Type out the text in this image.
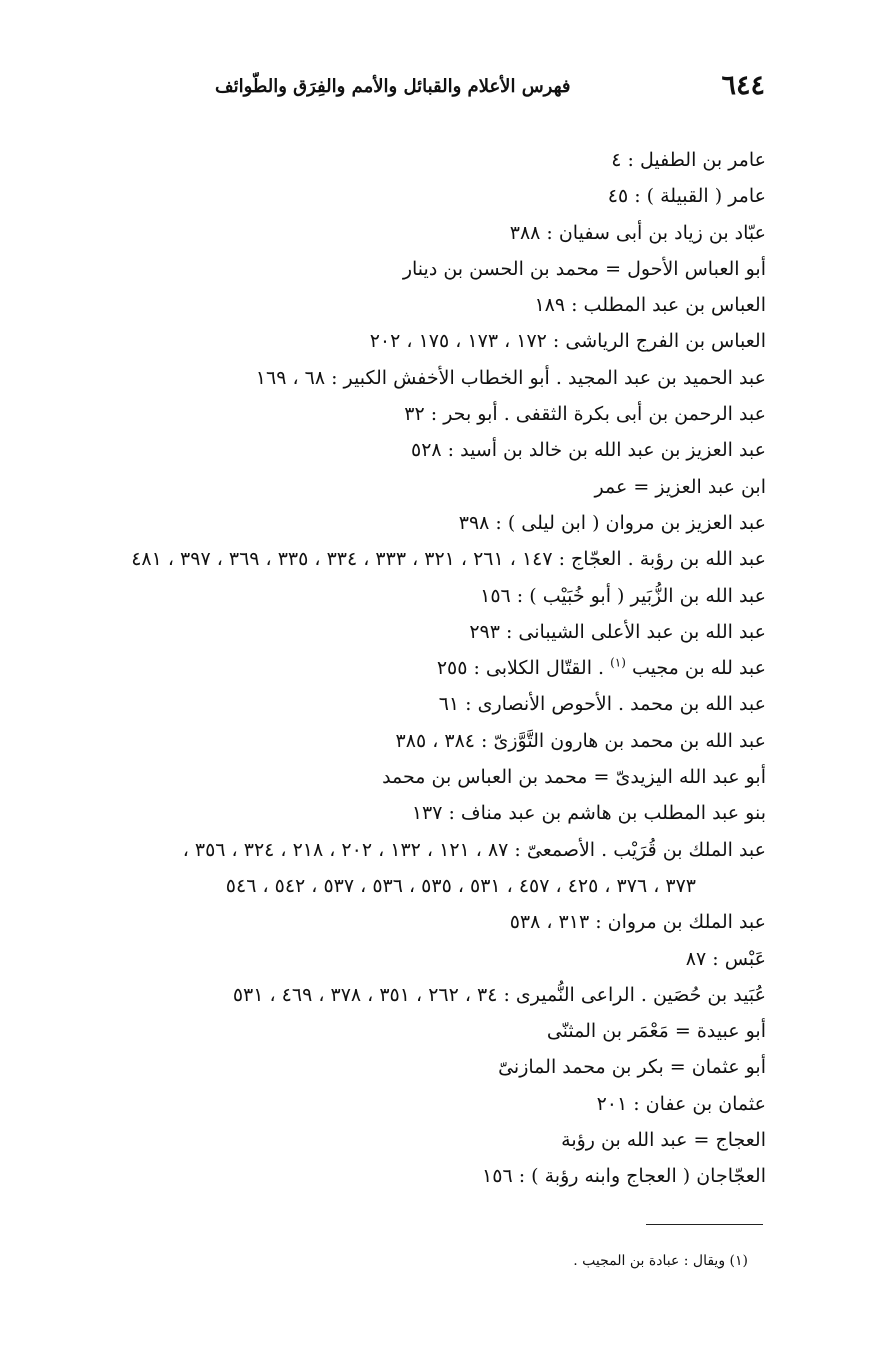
٦٤٤
فهرس الأعلام والقبائل والأمم والفِرَق والطّوائف
عامر بن الطفيل : ٤
عامر ( القبيلة ) : ٤٥
عبّاد بن زياد بن أبى سفيان : ٣٨٨
أبو العباس الأحول = محمد بن الحسن بن دينار
العباس بن عبد المطلب : ١٨٩
العباس بن الفرج الرياشى : ١٧٢ ، ١٧٣ ، ١٧٥ ، ٢٠٢
عبد الحميد بن عبد المجيد . أبو الخطاب الأخفش الكبير : ٦٨ ، ١٦٩
عبد الرحمن بن أبى بكرة الثقفى . أبو بحر : ٣٢
عبد العزيز بن عبد الله بن خالد بن أسيد : ٥٢٨
ابن عبد العزيز = عمر
عبد العزيز بن مروان ( ابن ليلى ) : ٣٩٨
عبد الله بن رؤبة . العجّاج : ١٤٧ ، ٢٦١ ، ٣٢١ ، ٣٣٣ ، ٣٣٤ ، ٣٣٥ ، ٣٦٩ ، ٣٩٧ ، ٤٨١
عبد الله بن الزُّبَير ( أبو خُبَيْب ) : ١٥٦
عبد الله بن عبد الأعلى الشيبانى : ٢٩٣
عبد لله بن مجيب $^{(١)}$ . القتّال الكلابى : ٢٥٥
عبد الله بن محمد . الأحوص الأنصارى : ٦١
عبد الله بن محمد بن هارون التَّوَّزىّ : ٣٨٤ ، ٣٨٥
أبو عبد الله اليزيدىّ = محمد بن العباس بن محمد
بنو عبد المطلب بن هاشم بن عبد مناف : ١٣٧
عبد الملك بن قُرَيْب . الأصمعىّ : ٨٧ ، ١٢١ ، ١٣٢ ، ٢٠٢ ، ٢١٨ ، ٣٢٤ ، ٣٥٦ ،
٣٧٣ ، ٣٧٦ ، ٤٢٥ ، ٤٥٧ ، ٥٣١ ، ٥٣٥ ، ٥٣٦ ، ٥٣٧ ، ٥٤٢ ، ٥٤٦
عبد الملك بن مروان : ٣١٣ ، ٥٣٨
عَبْس : ٨٧
عُبَيد بن حُصَين . الراعى النُّميرى : ٣٤ ، ٢٦٢ ، ٣٥١ ، ٣٧٨ ، ٤٦٩ ، ٥٣١
أبو عبيدة = مَعْمَر بن المثنّى
أبو عثمان = بكر بن محمد المازنىّ
عثمان بن عفان : ٢٠١
العجاج = عبد الله بن رؤبة
العجّاجان ( العجاج وابنه رؤبة ) : ١٥٦
(١) ويقال : عبادة بن المجيب .
